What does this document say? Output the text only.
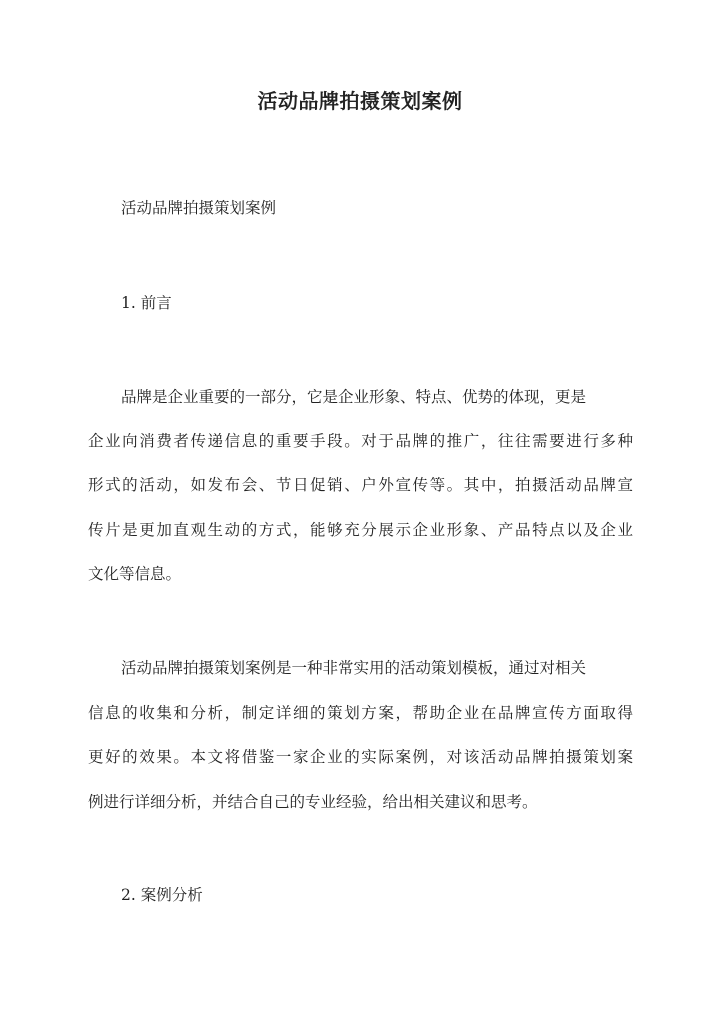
活动品牌拍摄策划案例
活动品牌拍摄策划案例
1. 前言
品牌是企业重要的一部分，它是企业形象、特点、优势的体现，更是
企业向消费者传递信息的重要手段。对于品牌的推广，往往需要进行多种
形式的活动，如发布会、节日促销、户外宣传等。其中，拍摄活动品牌宣
传片是更加直观生动的方式，能够充分展示企业形象、产品特点以及企业
文化等信息。
活动品牌拍摄策划案例是一种非常实用的活动策划模板，通过对相关
信息的收集和分析，制定详细的策划方案，帮助企业在品牌宣传方面取得
更好的效果。本文将借鉴一家企业的实际案例，对该活动品牌拍摄策划案
例进行详细分析，并结合自己的专业经验，给出相关建议和思考。
2. 案例分析
